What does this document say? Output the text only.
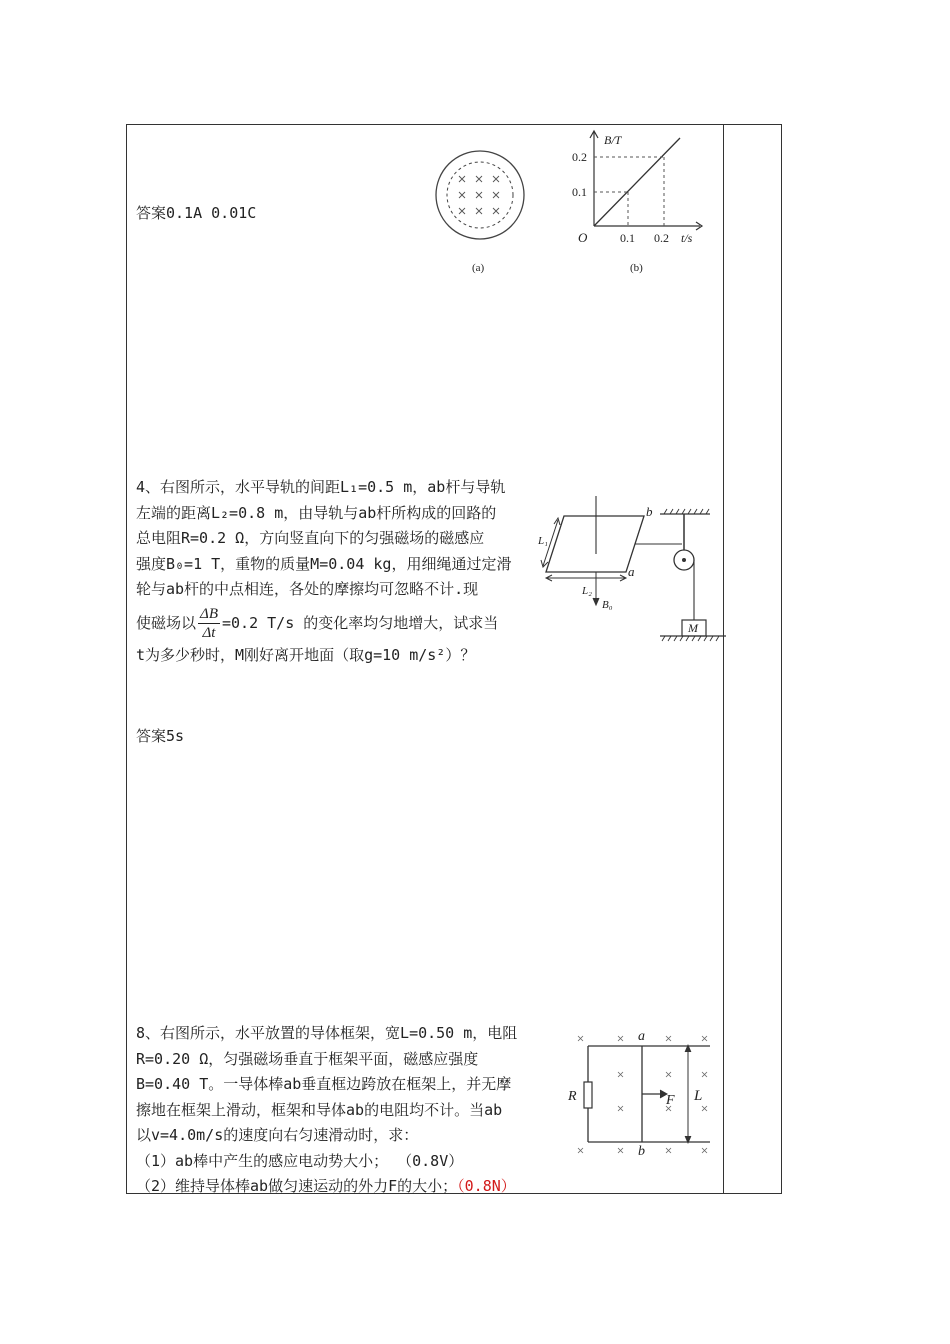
答案0.1A 0.01C
(a)
B/T
0.2
0.1
O	0.1 0.2 t/s
(b)

4、右图所示，水平导轨的间距L₁=0.5 m，ab杆与导轨

左端的距离L₂=0.8 m，由导轨与ab杆所构成的回路的

总电阻R=0.2 Ω，方向竖直向下的匀强磁场的磁感应

强度B₀=1 T，重物的质量M=0.04 kg，用细绳通过定滑

轮与ab杆的中点相连，各处的摩擦均可忽略不计.现

使磁场以 $\frac{\Delta B}{\Delta t} =0.2$ T/s 的变化率均匀地增大，试求当

t为多少秒时，M刚好离开地面（取g=10 m/s²）？

L₁
L₂
B₀
b
a
M
答案5s

8、右图所示，水平放置的导体框架，宽L=0.50 m，电阻

R=0.20 Ω，匀强磁场垂直于框架平面，磁感应强度

B=0.40 T。一导体棒ab垂直框边跨放在框架上，并无摩

擦地在框架上滑动，框架和导体ab的电阻均不计。当ab

以v=4.0m/s的速度向右匀速滑动时，求：

（1）ab棒中产生的感应电动势大小； （0.8V）

（2）维持导体棒ab做匀速运动的外力F的大小；（0.8N）

R
a
b
F L
